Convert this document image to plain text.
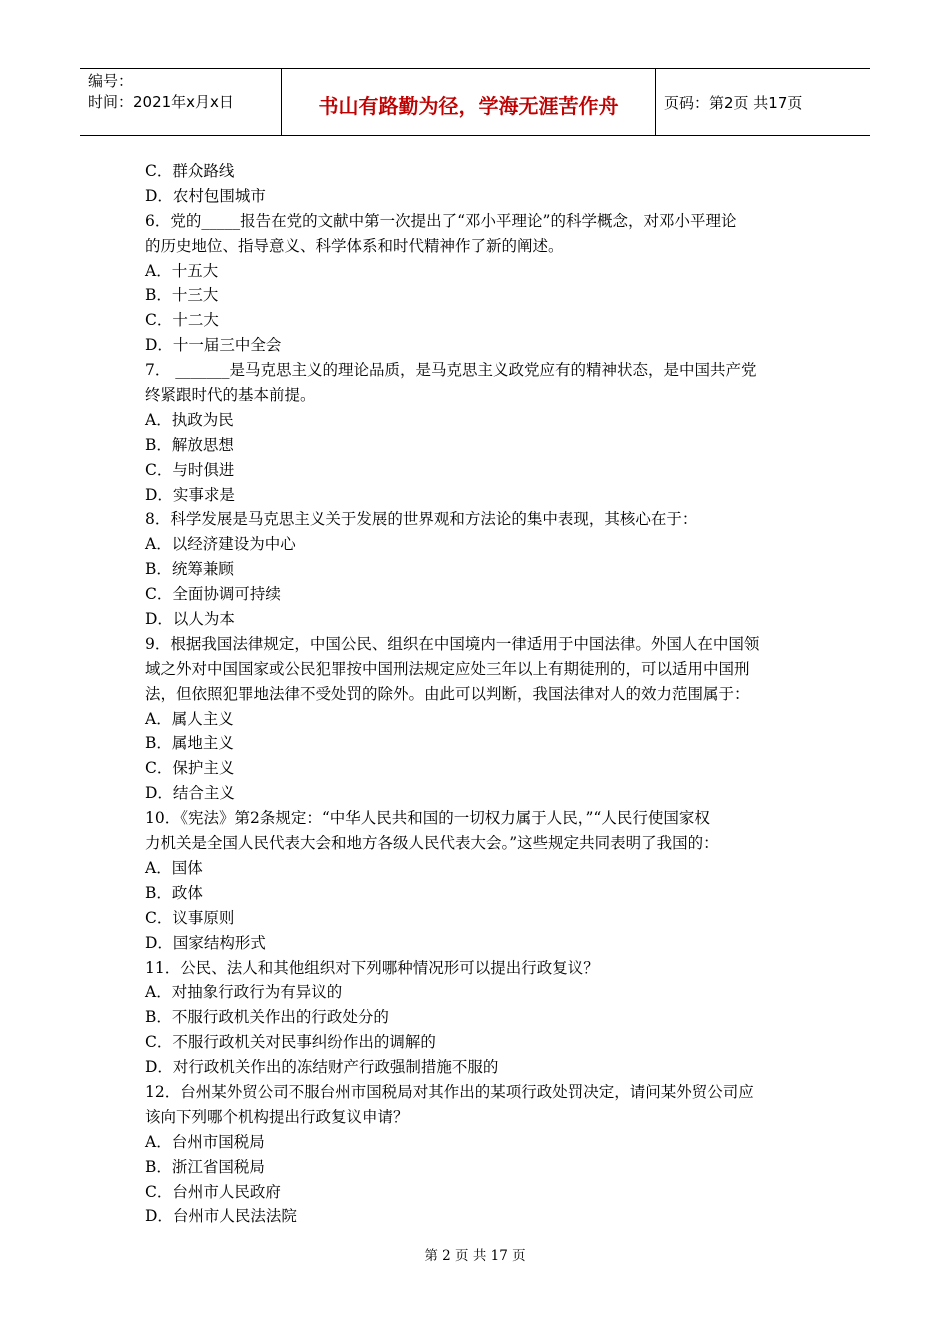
编号：
时间：2021年x月x日	书山有路勤为径，学海无涯苦作舟	页码：第2页 共17页
C．群众路线
D．农村包围城市
6．党的_____报告在党的文献中第一次提出了“邓小平理论”的科学概念，对邓小平理论
的历史地位、指导意义、科学体系和时代精神作了新的阐述。
A．十五大
B．十三大
C．十二大
D．十一届三中全会
7． _______是马克思主义的理论品质，是马克思主义政党应有的精神状态，是中国共产党
终紧跟时代的基本前提。
A．执政为民
B．解放思想
C．与时俱进
D．实事求是
8．科学发展是马克思主义关于发展的世界观和方法论的集中表现，其核心在于：
A．以经济建设为中心
B．统筹兼顾
C．全面协调可持续
D．以人为本
9．根据我国法律规定，中国公民、组织在中国境内一律适用于中国法律。外国人在中国领
域之外对中国国家或公民犯罪按中国刑法规定应处三年以上有期徒刑的，可以适用中国刑
法，但依照犯罪地法律不受处罚的除外。由此可以判断，我国法律对人的效力范围属于：
A．属人主义
B．属地主义
C．保护主义
D．结合主义
10．《宪法》第2条规定：“中华人民共和国的一切权力属于人民，”“人民行使国家权
力机关是全国人民代表大会和地方各级人民代表大会。”这些规定共同表明了我国的：
A．国体
B．政体
C．议事原则
D．国家结构形式
11．公民、法人和其他组织对下列哪种情况形可以提出行政复议？
A．对抽象行政行为有异议的
B．不服行政机关作出的行政处分的
C．不服行政机关对民事纠纷作出的调解的
D．对行政机关作出的冻结财产行政强制措施不服的
12．台州某外贸公司不服台州市国税局对其作出的某项行政处罚决定，请问某外贸公司应
该向下列哪个机构提出行政复议申请？
A．台州市国税局
B．浙江省国税局
C．台州市人民政府
D．台州市人民法法院
第 2 页 共 17 页
